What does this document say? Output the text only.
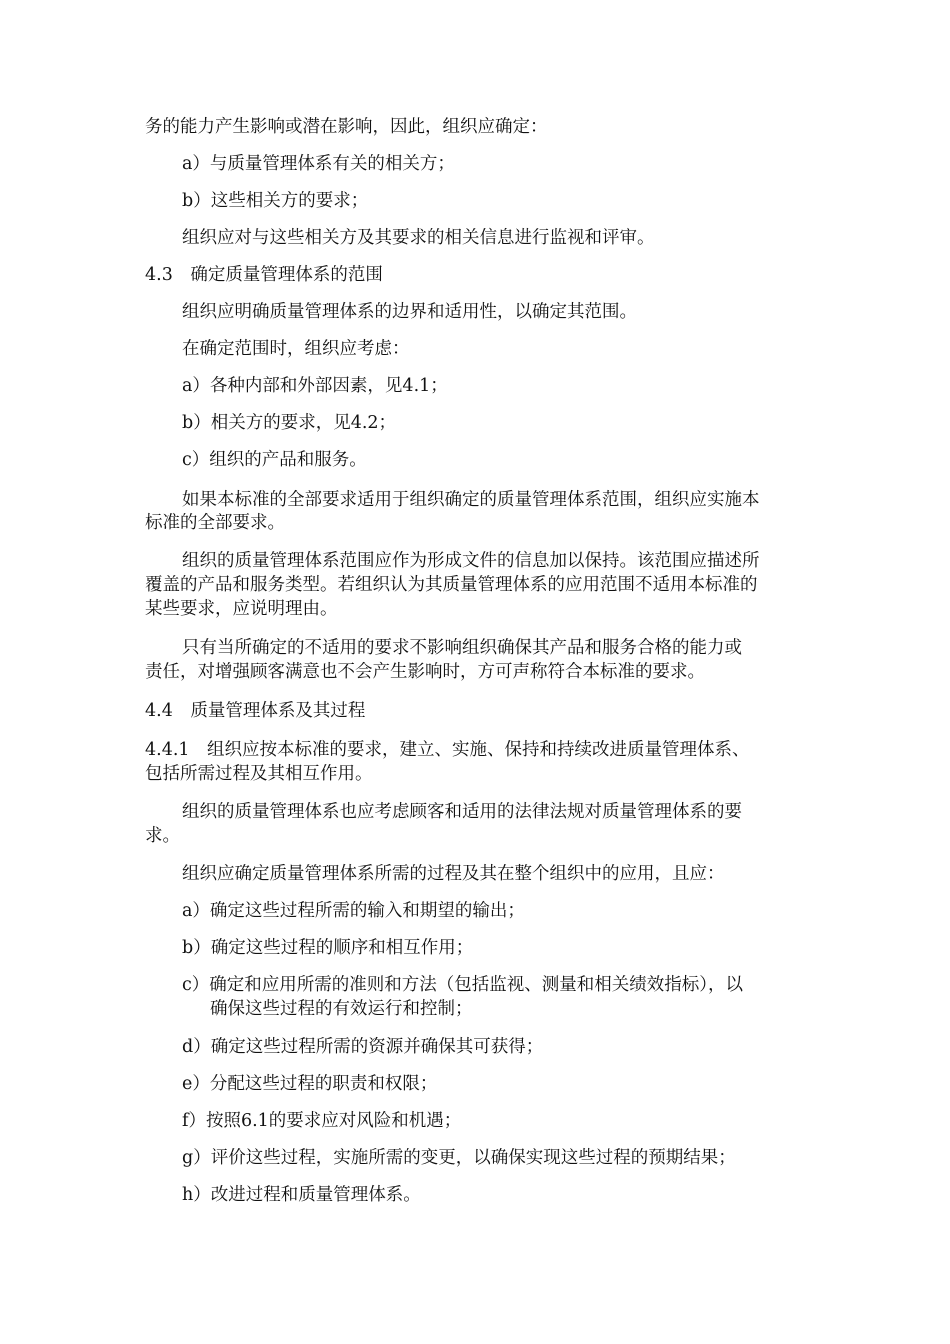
务的能力产生影响或潜在影响，因此，组织应确定：

a）与质量管理体系有关的相关方；

b）这些相关方的要求；

组织应对与这些相关方及其要求的相关信息进行监视和评审。

4.3　确定质量管理体系的范围

组织应明确质量管理体系的边界和适用性，以确定其范围。

在确定范围时，组织应考虑：

a）各种内部和外部因素，见4.1；

b）相关方的要求，见4.2；

c）组织的产品和服务。

如果本标准的全部要求适用于组织确定的质量管理体系范围，组织应实施本

标准的全部要求。

组织的质量管理体系范围应作为形成文件的信息加以保持。该范围应描述所

覆盖的产品和服务类型。若组织认为其质量管理体系的应用范围不适用本标准的

某些要求，应说明理由。

只有当所确定的不适用的要求不影响组织确保其产品和服务合格的能力或

责任，对增强顾客满意也不会产生影响时，方可声称符合本标准的要求。

4.4　质量管理体系及其过程

4.4.1　组织应按本标准的要求，建立、实施、保持和持续改进质量管理体系、

包括所需过程及其相互作用。

组织的质量管理体系也应考虑顾客和适用的法律法规对质量管理体系的要

求。

组织应确定质量管理体系所需的过程及其在整个组织中的应用，且应：

a）确定这些过程所需的输入和期望的输出；

b）确定这些过程的顺序和相互作用；

c）确定和应用所需的准则和方法（包括监视、测量和相关绩效指标），以

确保这些过程的有效运行和控制；

d）确定这些过程所需的资源并确保其可获得；

e）分配这些过程的职责和权限；

f）按照6.1的要求应对风险和机遇；

g）评价这些过程，实施所需的变更，以确保实现这些过程的预期结果；

h）改进过程和质量管理体系。
